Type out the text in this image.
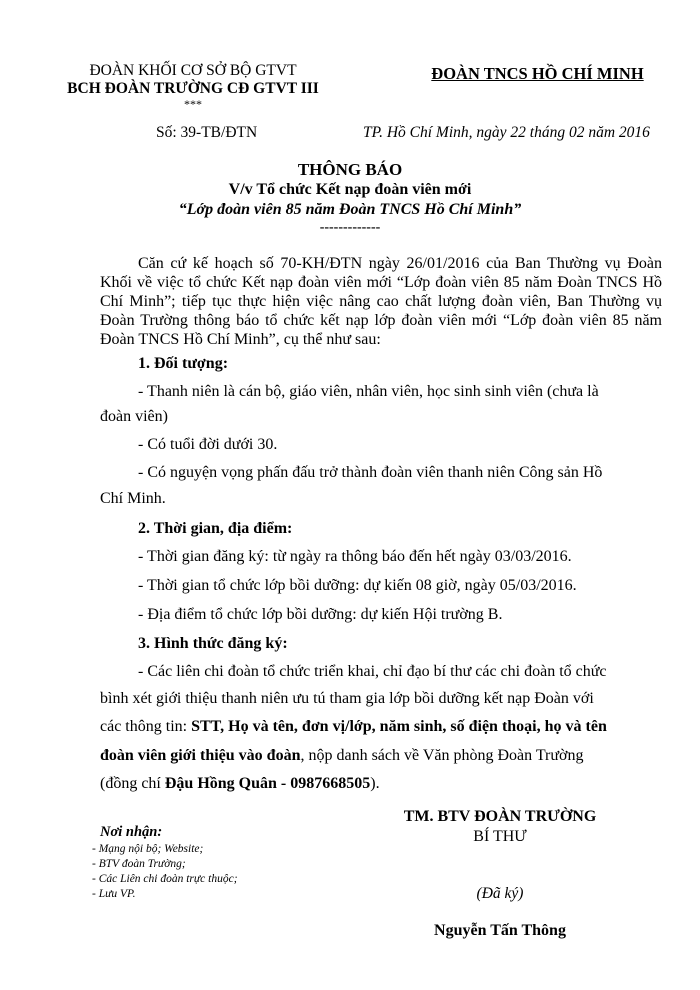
ĐOÀN KHỐI CƠ SỞ BỘ GTVT
BCH ĐOÀN TRƯỜNG CĐ GTVT III
***
ĐOÀN TNCS HỒ CHÍ MINH
Số: 39-TB/ĐTN	TP. Hồ Chí Minh, ngày 22 tháng 02 năm 2016
THÔNG BÁO
V/v Tổ chức Kết nạp đoàn viên mới
“Lớp đoàn viên 85 năm Đoàn TNCS Hồ Chí Minh”
-------------
Căn cứ kế hoạch số 70-KH/ĐTN ngày 26/01/2016 của Ban Thường vụ Đoàn Khối về việc tổ chức Kết nạp đoàn viên mới “Lớp đoàn viên 85 năm Đoàn TNCS Hồ Chí Minh”; tiếp tục thực hiện việc nâng cao chất lượng đoàn viên, Ban Thường vụ Đoàn Trường thông báo tổ chức kết nạp lớp đoàn viên mới “Lớp đoàn viên 85 năm Đoàn TNCS Hồ Chí Minh”, cụ thể như sau:
1. Đối tượng:
- Thanh niên là cán bộ, giáo viên, nhân viên, học sinh sinh viên (chưa là
đoàn viên)
- Có tuổi đời dưới 30.
- Có nguyện vọng phấn đấu trở thành đoàn viên thanh niên Công sản Hồ
Chí Minh.
2. Thời gian, địa điểm:
- Thời gian đăng ký: từ ngày ra thông báo đến hết ngày 03/03/2016.
- Thời gian tổ chức lớp bồi dưỡng: dự kiến 08 giờ, ngày 05/03/2016.
- Địa điểm tổ chức lớp bồi dưỡng: dự kiến Hội trường B.
3. Hình thức đăng ký:
- Các liên chi đoàn tổ chức triển khai, chỉ đạo bí thư các chi đoàn tổ chức
bình xét giới thiệu thanh niên ưu tú tham gia lớp bồi dưỡng kết nạp Đoàn với
các thông tin: STT, Họ và tên, đơn vị/lớp, năm sinh, số điện thoại, họ và tên
đoàn viên giới thiệu vào đoàn, nộp danh sách về Văn phòng Đoàn Trường
(đồng chí Đậu Hồng Quân - 0987668505).
TM. BTV ĐOÀN TRƯỜNG
BÍ THƯ
(Đã ký)
Nguyễn Tấn Thông
Nơi nhận:
- Mạng nội bộ; Website;
- BTV đoàn Trường;
- Các Liên chi đoàn trực thuộc;
- Lưu VP.
